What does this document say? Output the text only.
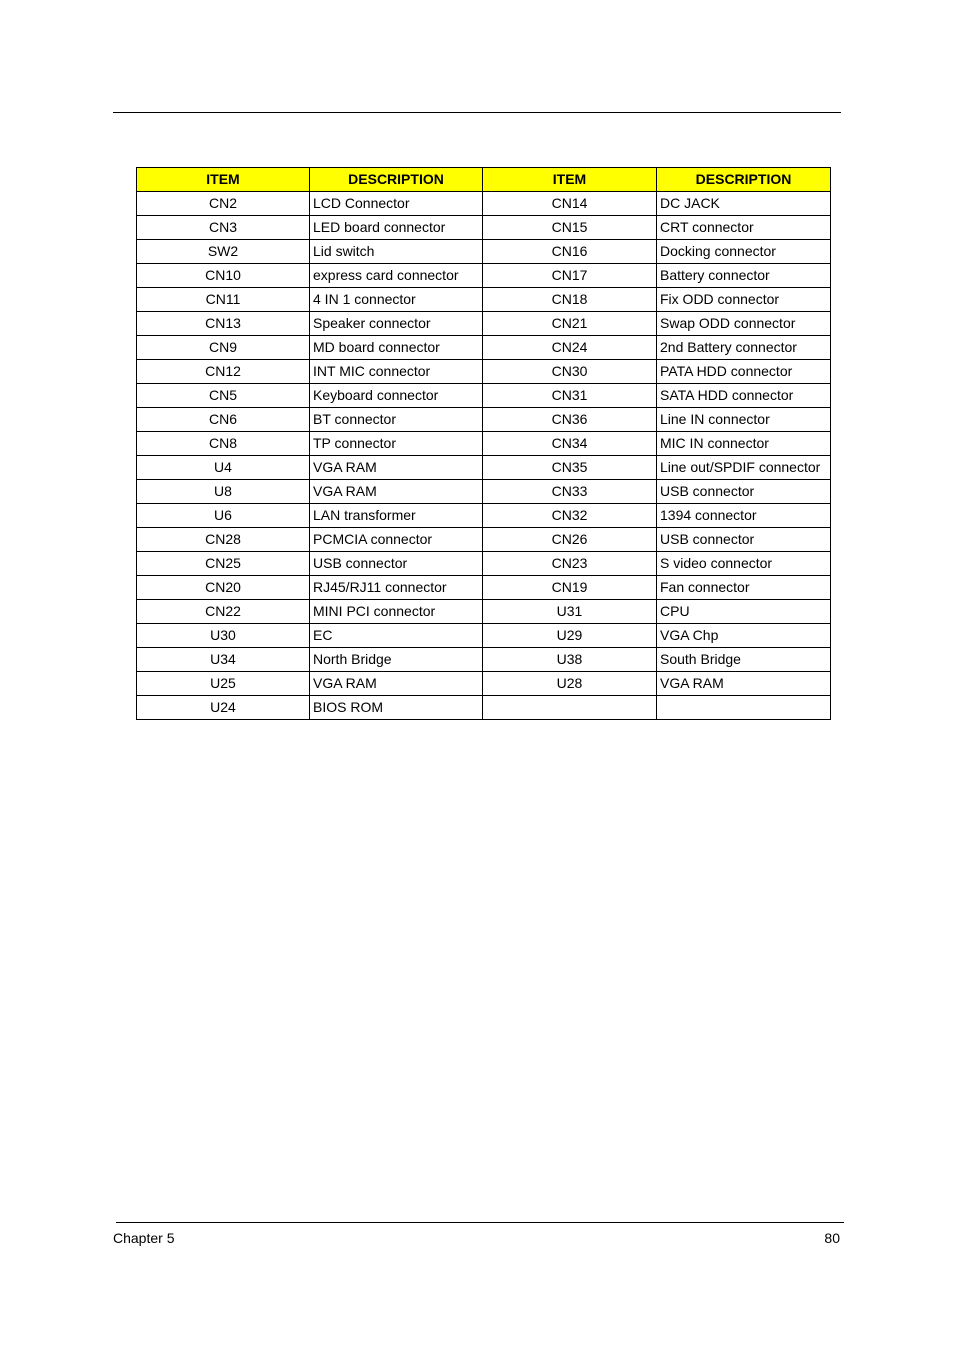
ITEM	DESCRIPTION	ITEM	DESCRIPTION
CN2	LCD Connector	CN14	DC JACK
CN3	LED board connector	CN15	CRT connector
SW2	Lid switch	CN16	Docking connector
CN10	express card connector	CN17	Battery connector
CN11	4 IN 1 connector	CN18	Fix ODD connector
CN13	Speaker connector	CN21	Swap ODD connector
CN9	MD board connector	CN24	2nd Battery connector
CN12	INT MIC connector	CN30	PATA HDD connector
CN5	Keyboard connector	CN31	SATA HDD connector
CN6	BT connector	CN36	Line IN connector
CN8	TP connector	CN34	MIC IN connector
U4	VGA RAM	CN35	Line out/SPDIF connector
U8	VGA RAM	CN33	USB connector
U6	LAN transformer	CN32	1394 connector
CN28	PCMCIA connector	CN26	USB connector
CN25	USB connector	CN23	S video connector
CN20	RJ45/RJ11 connector	CN19	Fan connector
CN22	MINI PCI connector	U31	CPU
U30	EC	U29	VGA Chp
U34	North Bridge	U38	South Bridge
U25	VGA RAM	U28	VGA RAM
U24	BIOS ROM		
Chapter 5	80
